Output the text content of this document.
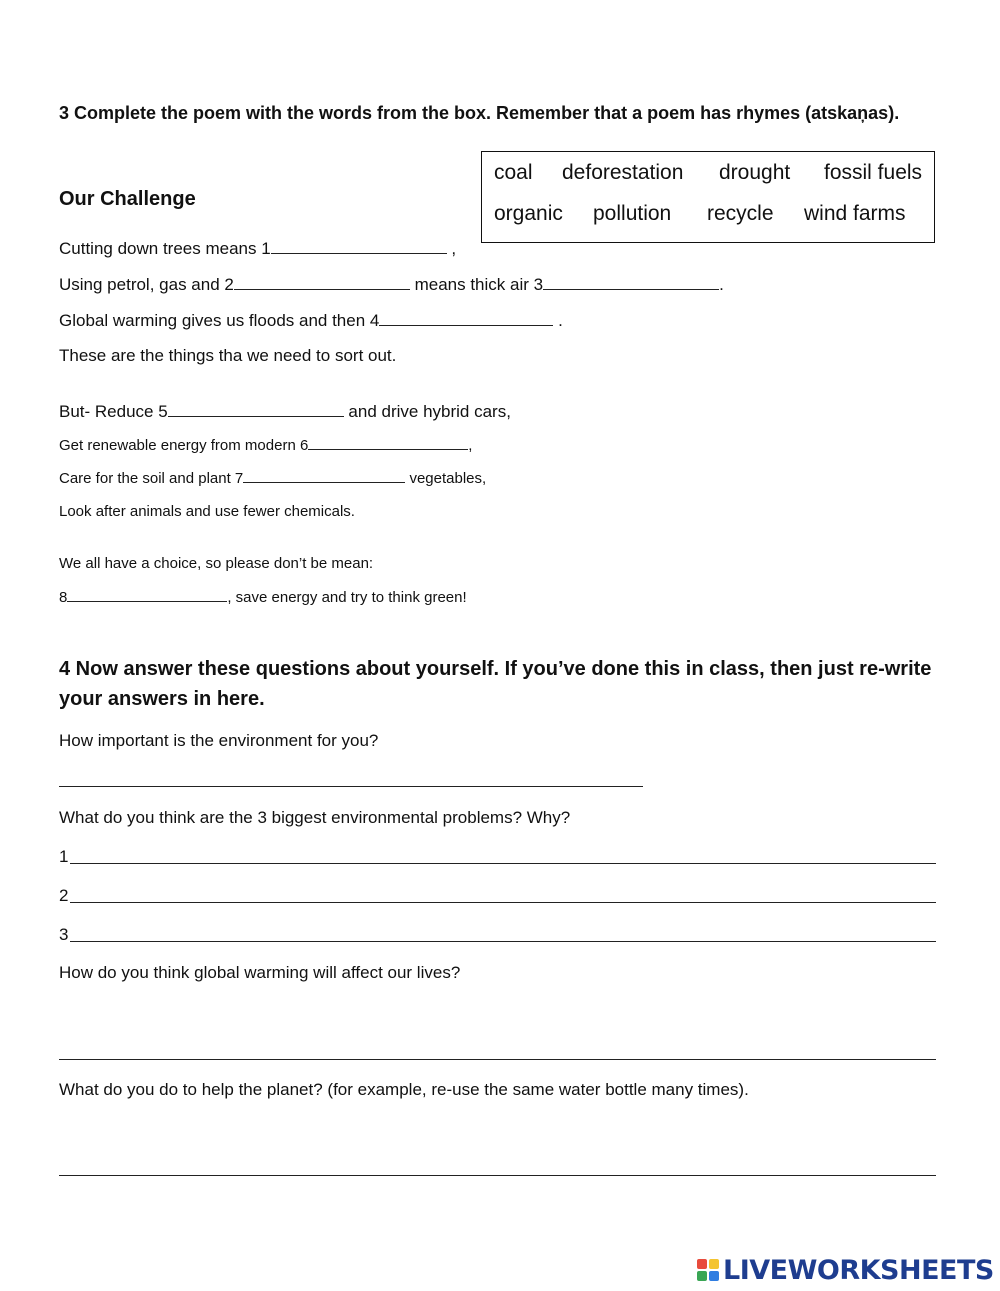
3 Complete the poem with the words from the box. Remember that a poem has rhymes (atskaņas).
coal deforestation drought fossil fuels
organic pollution recycle wind farms
Our Challenge
Cutting down trees means 1	,
Using petrol, gas and 2	means thick air 3	.
Global warming gives us floods and then 4	.
These are the things tha we need to sort out.
But- Reduce 5	and drive hybrid cars,
Get renewable energy from modern 6	,
Care for the soil and plant 7	vegetables,
Look after animals and use fewer chemicals.
We all have a choice, so please don’t be mean:
8	, save energy and try to think green!
4 Now answer these questions about yourself. If you’ve done this in class, then just re-write
your answers in here.
How important is the environment for you?
What do you think are the 3 biggest environmental problems? Why?
1
2
3
How do you think global warming will affect our lives?
What do you do to help the planet? (for example, re-use the same water bottle many times).
LIVEWORKSHEETS
